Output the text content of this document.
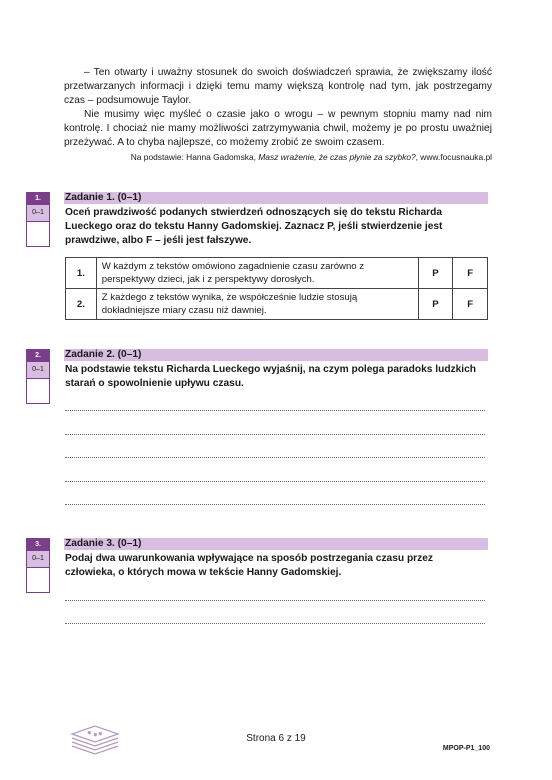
– Ten otwarty i uważny stosunek do swoich doświadczeń sprawia, że zwiększamy ilość przetwarzanych informacji i dzięki temu mamy większą kontrolę nad tym, jak postrzegamy czas – podsumowuje Taylor.

Nie musimy więc myśleć o czasie jako o wrogu – w pewnym stopniu mamy nad nim kontrolę. I chociaż nie mamy możliwości zatrzymywania chwil, możemy je po prostu uważniej przeżywać. A to chyba najlepsze, co możemy zrobić ze swoim czasem.

Na podstawie: Hanna Gadomska, Masz wrażenie, że czas płynie za szybko?, www.focusnauka.pl
1.
0–1
Zadanie 1. (0–1)
Oceń prawdziwość podanych stwierdzeń odnoszących się do tekstu Richarda Lueckego oraz do tekstu Hanny Gadomskiej. Zaznacz P, jeśli stwierdzenie jest prawdziwe, albo F – jeśli jest fałszywe.
1.	W każdym z tekstów omówiono zagadnienie czasu zarówno z perspektywy dzieci, jak i z perspektywy dorosłych.	P	F
2.	Z każdego z tekstów wynika, że współcześnie ludzie stosują dokładniejsze miary czasu niż dawniej.	P	F
2.
0–1
Zadanie 2. (0–1)
Na podstawie tekstu Richarda Lueckego wyjaśnij, na czym polega paradoks ludzkich starań o spowolnienie upływu czasu.
3.
0–1
Zadanie 3. (0–1)
Podaj dwa uwarunkowania wpływające na sposób postrzegania czasu przez człowieka, o których mowa w tekście Hanny Gadomskiej.
Strona 6 z 19
MPOP-P1_100
